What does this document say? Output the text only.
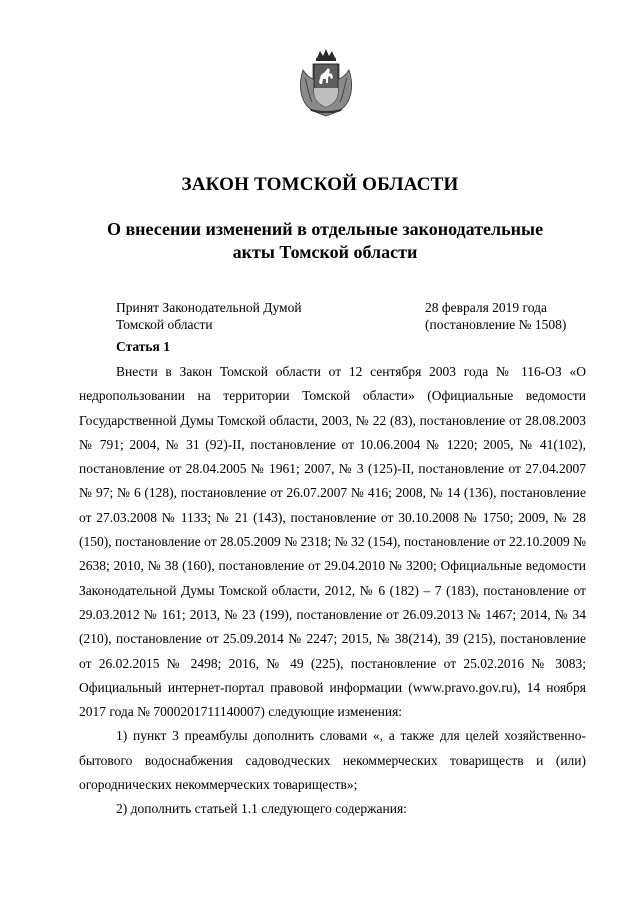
ЗАКОН ТОМСКОЙ ОБЛАСТИ
О внесении изменений в отдельные законодательные
акты Томской области
Принят Законодательной Думой
Томской области
28 февраля 2019 года
(постановление № 1508)
Статья 1

Внести в Закон Томской области от 12 сентября 2003 года № 116-ОЗ «О недропользовании на территории Томской области» (Официальные ведомости Государственной Думы Томской области, 2003, № 22 (83), постановление от 28.08.2003 № 791; 2004, № 31 (92)-II, постановление от 10.06.2004 № 1220; 2005, № 41(102), постановление от 28.04.2005 № 1961; 2007, № 3 (125)-II, постановление от 27.04.2007 № 97; № 6 (128), постановление от 26.07.2007 № 416; 2008, № 14 (136), постановление от 27.03.2008 № 1133; № 21 (143), постановление от 30.10.2008 № 1750; 2009, № 28 (150), постановление от 28.05.2009 № 2318; № 32 (154), постановление от 22.10.2009 № 2638; 2010, № 38 (160), постановление от 29.04.2010 № 3200; Официальные ведомости Законодательной Думы Томской области, 2012, № 6 (182) – 7 (183), постановление от 29.03.2012 № 161; 2013, № 23 (199), постановление от 26.09.2013 № 1467; 2014, № 34 (210), постановление от 25.09.2014 № 2247; 2015, № 38(214), 39 (215), постановление от 26.02.2015 № 2498; 2016, № 49 (225), постановление от 25.02.2016 № 3083; Официальный интернет-портал правовой информации (www.pravo.gov.ru), 14 ноября 2017 года № 7000201711140007) следующие изменения:

1) пункт 3 преамбулы дополнить словами «, а также для целей хозяйственно-бытового водоснабжения садоводческих некоммерческих товариществ и (или) огороднических некоммерческих товариществ»;

2) дополнить статьей 1.1 следующего содержания:
